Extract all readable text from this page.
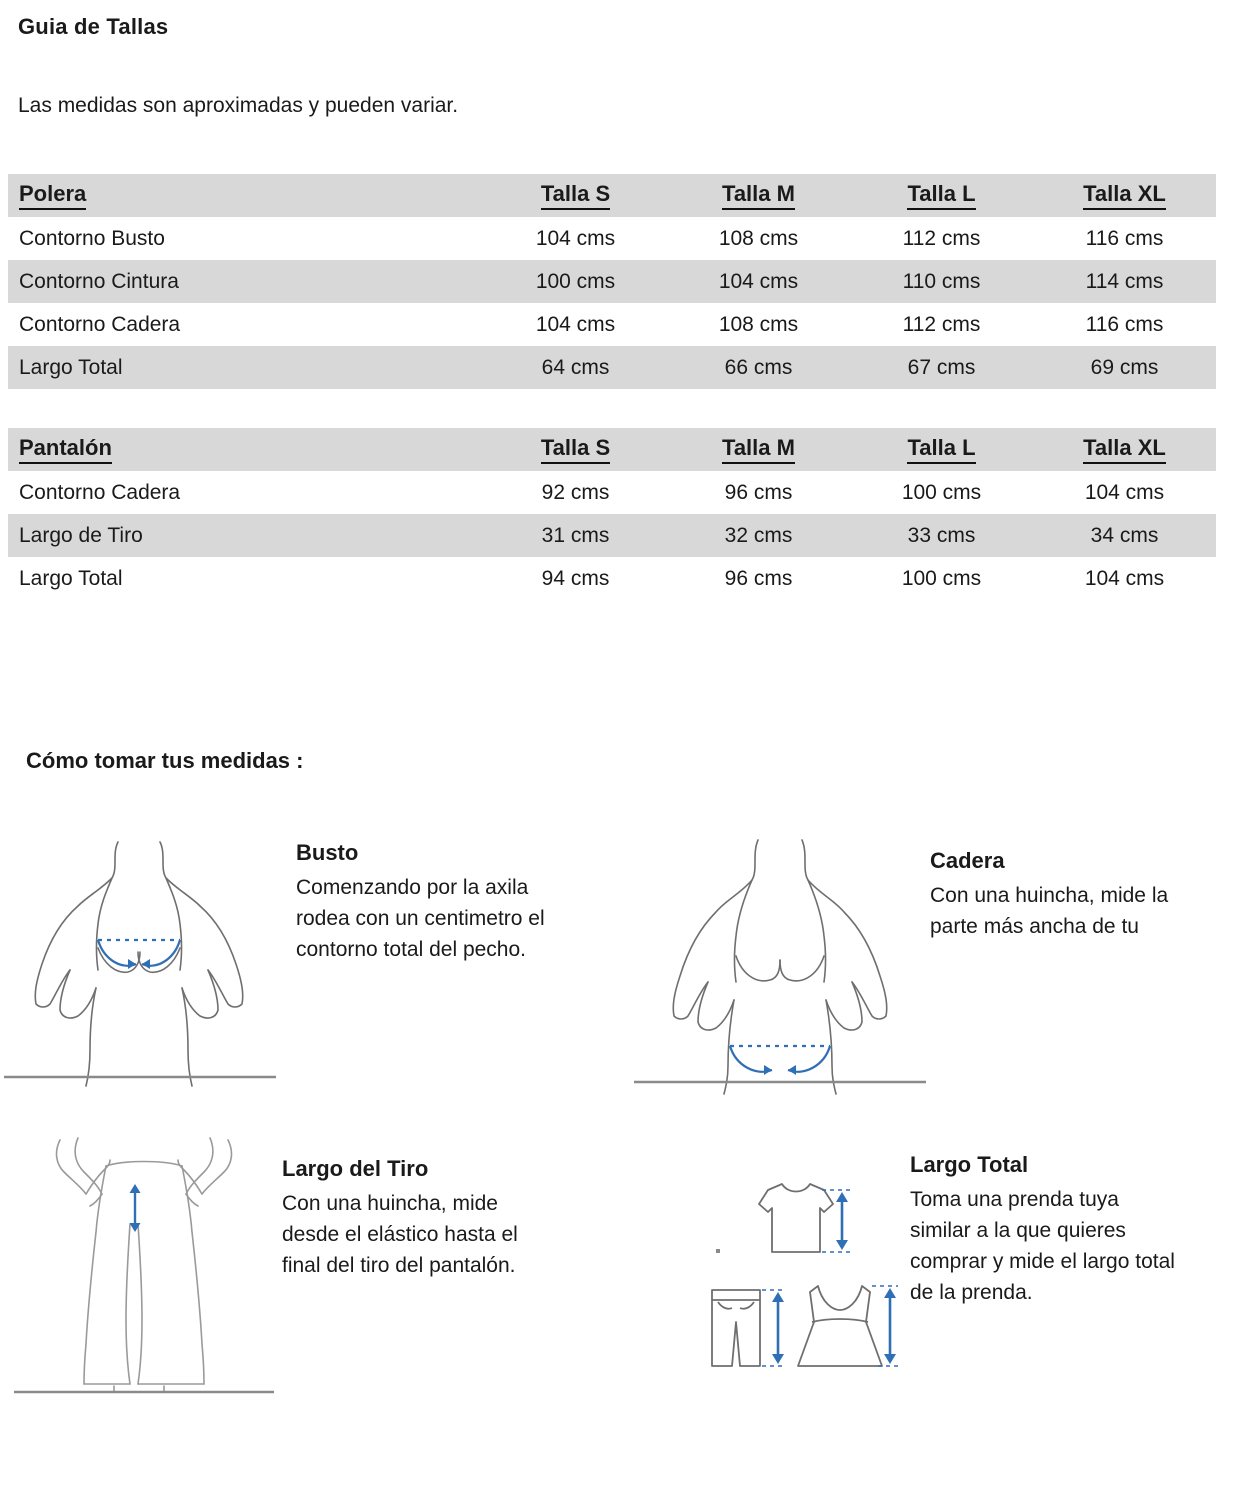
Guia de Tallas
Las medidas son aproximadas y pueden variar.
Polera	Talla S	Talla M	Talla L	Talla XL
Contorno Busto	104 cms	108 cms	112 cms	116 cms
Contorno Cintura	100 cms	104 cms	110 cms	114 cms
Contorno Cadera	104 cms	108 cms	112 cms	116 cms
Largo Total	64 cms	66 cms	67 cms	69 cms
Pantalón	Talla S	Talla M	Talla L	Talla XL
Contorno Cadera	92 cms	96 cms	100 cms	104 cms
Largo de Tiro	31 cms	32 cms	33 cms	34 cms
Largo Total	94 cms	96 cms	100 cms	104 cms
Cómo tomar tus medidas :

Busto

Comenzando por la axila
rodea con un centimetro el
contorno total del pecho.

Cadera

Con una huincha, mide la
parte más ancha de tu

Largo del Tiro

Con una huincha, mide
desde el elástico hasta el
final del tiro del pantalón.

Largo Total

Toma una prenda tuya
similar a la que quieres
comprar y mide el largo total
de la prenda.
